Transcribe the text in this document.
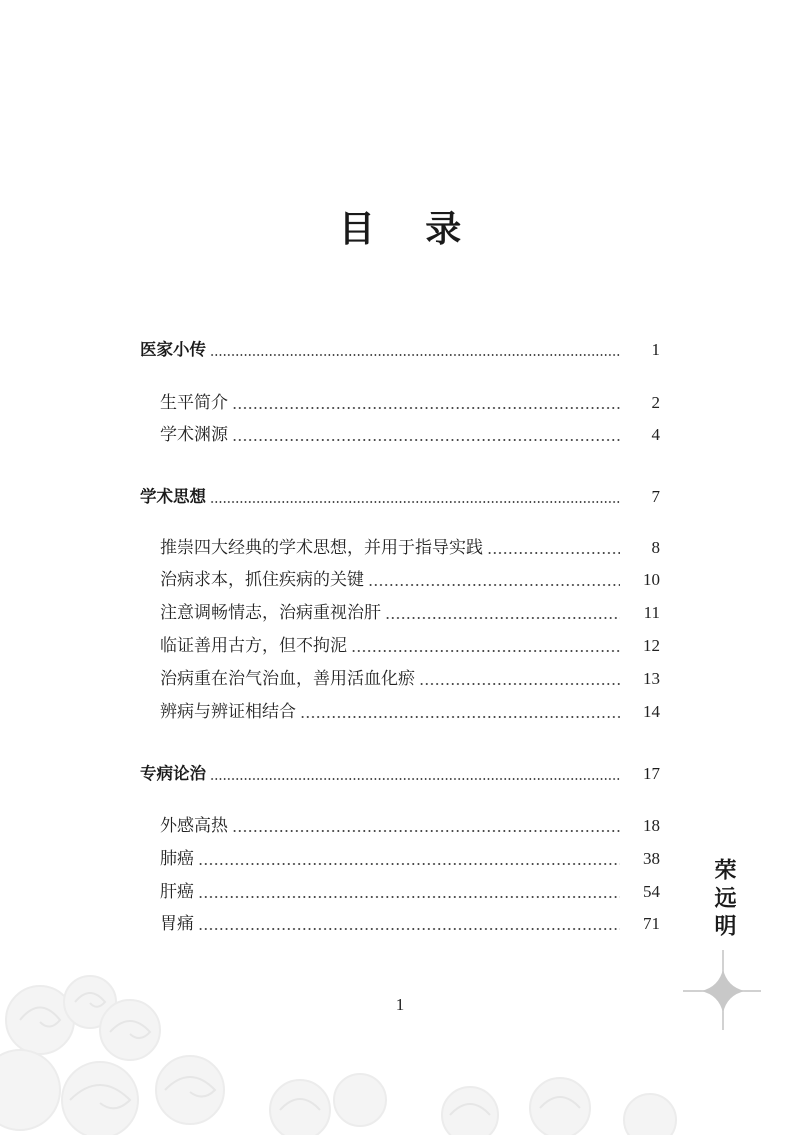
目 录
医家小传	1
生平简介	2
学术渊源	4
学术思想	7
推崇四大经典的学术思想，并用于指导实践	8
治病求本，抓住疾病的关键	10
注意调畅情志，治病重视治肝	11
临证善用古方，但不拘泥	12
治病重在治气治血，善用活血化瘀	13
辨病与辨证相结合	14
专病论治	17
外感高热	18
肺癌	38
肝癌	54
胃痛	71 荣远明
1
